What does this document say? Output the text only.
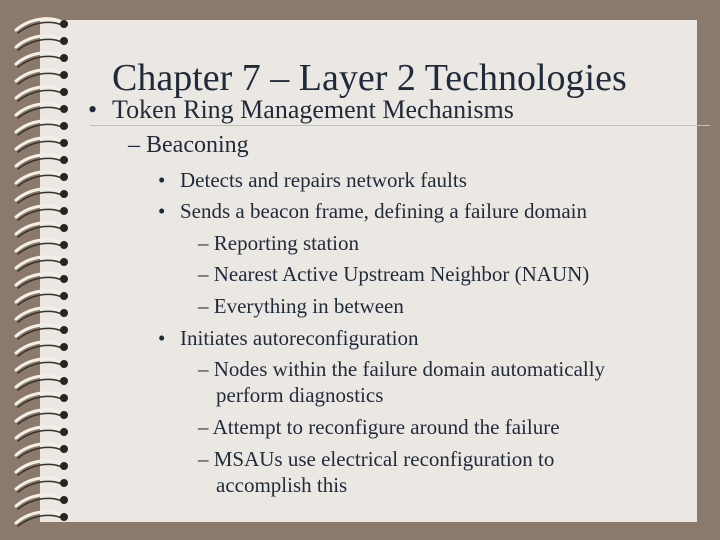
Chapter 7 – Layer 2 Technologies
• Token Ring Management Mechanisms
– Beaconing
• Detects and repairs network faults
• Sends a beacon frame, defining a failure domain
– Reporting station
– Nearest Active Upstream Neighbor (NAUN)
– Everything in between
• Initiates autoreconfiguration
– Nodes within the failure domain automatically
perform diagnostics
– Attempt to reconfigure around the failure
– MSAUs use electrical reconfiguration to
accomplish this
